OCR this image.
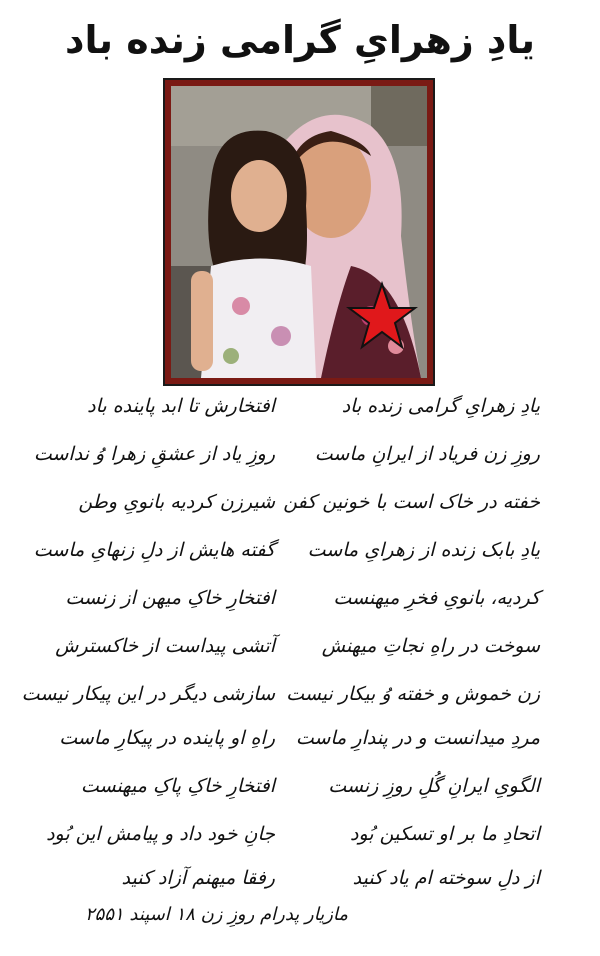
یادِ زهرایِ گرامی زنده باد
یادِ زهرایِ گرامی زنده باد
روزِ زن فریاد از ایرانِ ماست
خفته در خاک است با خونین کفن
یادِ بابک زنده از زهرایِ ماست
کردیه، بانویِ فخرِ میهنست
سوخت در راهِ نجاتِ میهنش
زن خموش و خفته وُ بیکار نیست
مردِ میدانست و در پندارِ ماست
الگویِ ایرانِ گُلِ روزِ زنست
اتحادِ ما بر او تسکین بُود
از دلِ سوخته ام یاد کنید
افتخارش تا ابد پاینده باد
روزِ یاد از عشقِ زهرا وُ نداست
شیرزن کردیه بانویِ وطن
گفته هایش از دلِ زنهایِ ماست
افتخارِ خاکِ میهن از زنست
آتشی پیداست از خاکسترش
سازشی دیگر در این پیکار نیست
راهِ او پاینده در پیکارِ ماست
افتخارِ خاکِ پاکِ میهنست
جانِ خود داد و پیامش این بُود
رفقا میهنم آزاد کنید
مازیار پدرام روزِ زن ۱۸ اسپند ۲۵۵۱
